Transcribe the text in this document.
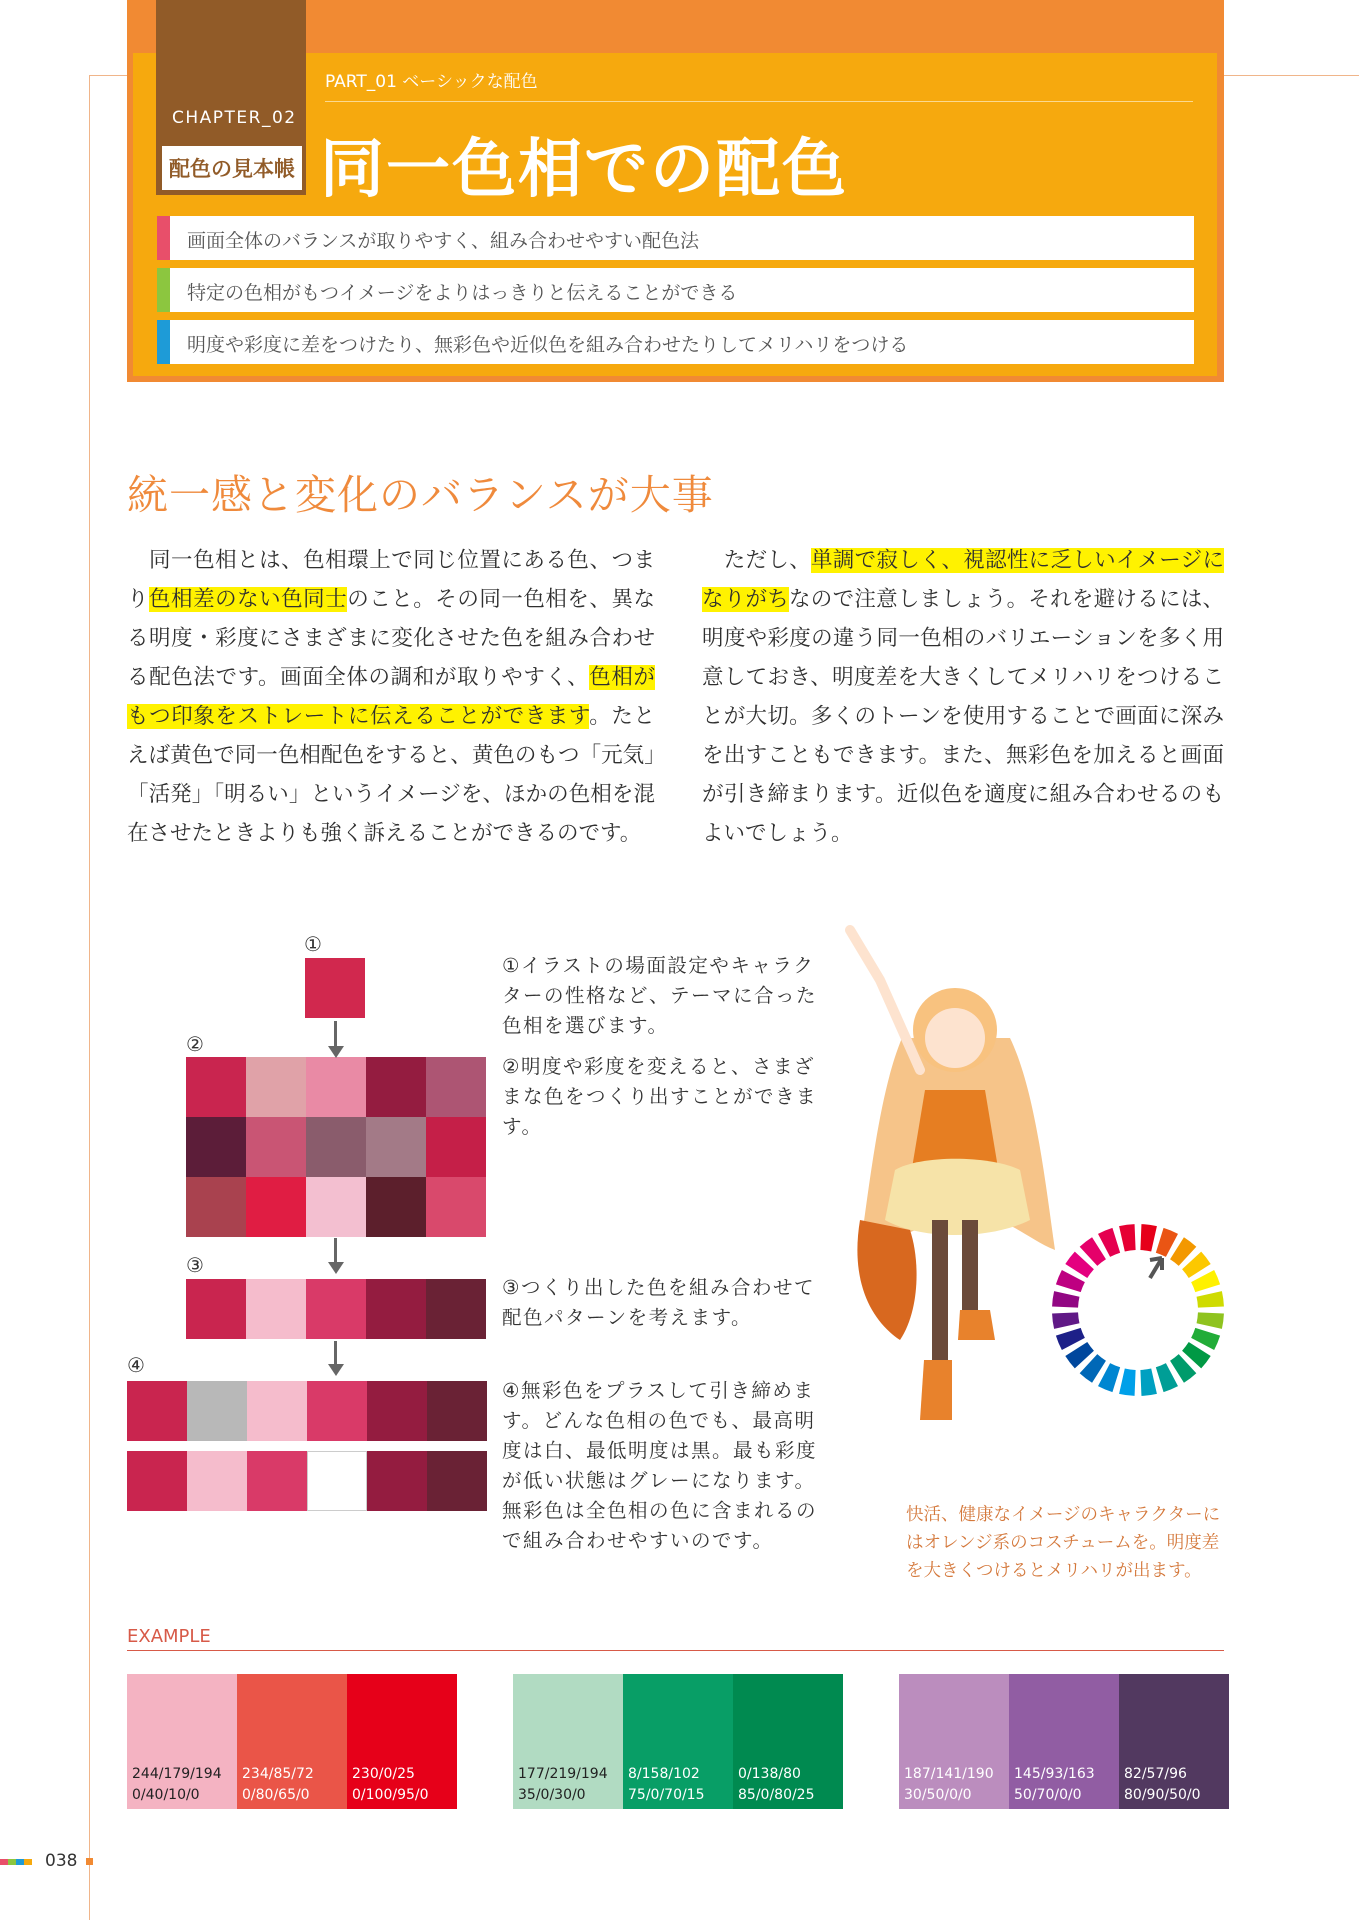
CHAPTER_02
配色の見本帳
PART_01 ベーシックな配色
同一色相での配色
画面全体のバランスが取りやすく、組み合わせやすい配色法
特定の色相がもつイメージをよりはっきりと伝えることができる
明度や彩度に差をつけたり、無彩色や近似色を組み合わせたりしてメリハリをつける
統一感と変化のバランスが大事
　同一色相とは、色相環上で同じ位置にある色、つまり色相差のない色同士のこと。その同一色相を、異なる明度・彩度にさまざまに変化させた色を組み合わせる配色法です。画面全体の調和が取りやすく、色相がもつ印象をストレートに伝えることができます。たとえば黄色で同一色相配色をすると、黄色のもつ「元気」「活発」「明るい」というイメージを、ほかの色相を混在させたときよりも強く訴えることができるのです。
　ただし、単調で寂しく、視認性に乏しいイメージになりがちなので注意しましょう。それを避けるには、明度や彩度の違う同一色相のバリエーションを多く用意しておき、明度差を大きくしてメリハリをつけることが大切。多くのトーンを使用することで画面に深みを出すこともできます。また、無彩色を加えると画面が引き締まります。近似色を適度に組み合わせるのもよいでしょう。
①
②
③
④
①イラストの場面設定やキャラクターの性格など、テーマに合った色相を選びます。
②明度や彩度を変えると、さまざまな色をつくり出すことができます。
③つくり出した色を組み合わせて配色パターンを考えます。
④無彩色をプラスして引き締めます。どんな色相の色でも、最高明度は白、最低明度は黒。最も彩度が低い状態はグレーになります。無彩色は全色相の色に含まれるので組み合わせやすいのです。
快活、健康なイメージのキャラクターにはオレンジ系のコスチュームを。明度差を大きくつけるとメリハリが出ます。
EXAMPLE
244/179/194
0/40/10/0
234/85/72
0/80/65/0
230/0/25
0/100/95/0
177/219/194
35/0/30/0
8/158/102
75/0/70/15
0/138/80
85/0/80/25
187/141/190
30/50/0/0
145/93/163
50/70/0/0
82/57/96
80/90/50/0
038
